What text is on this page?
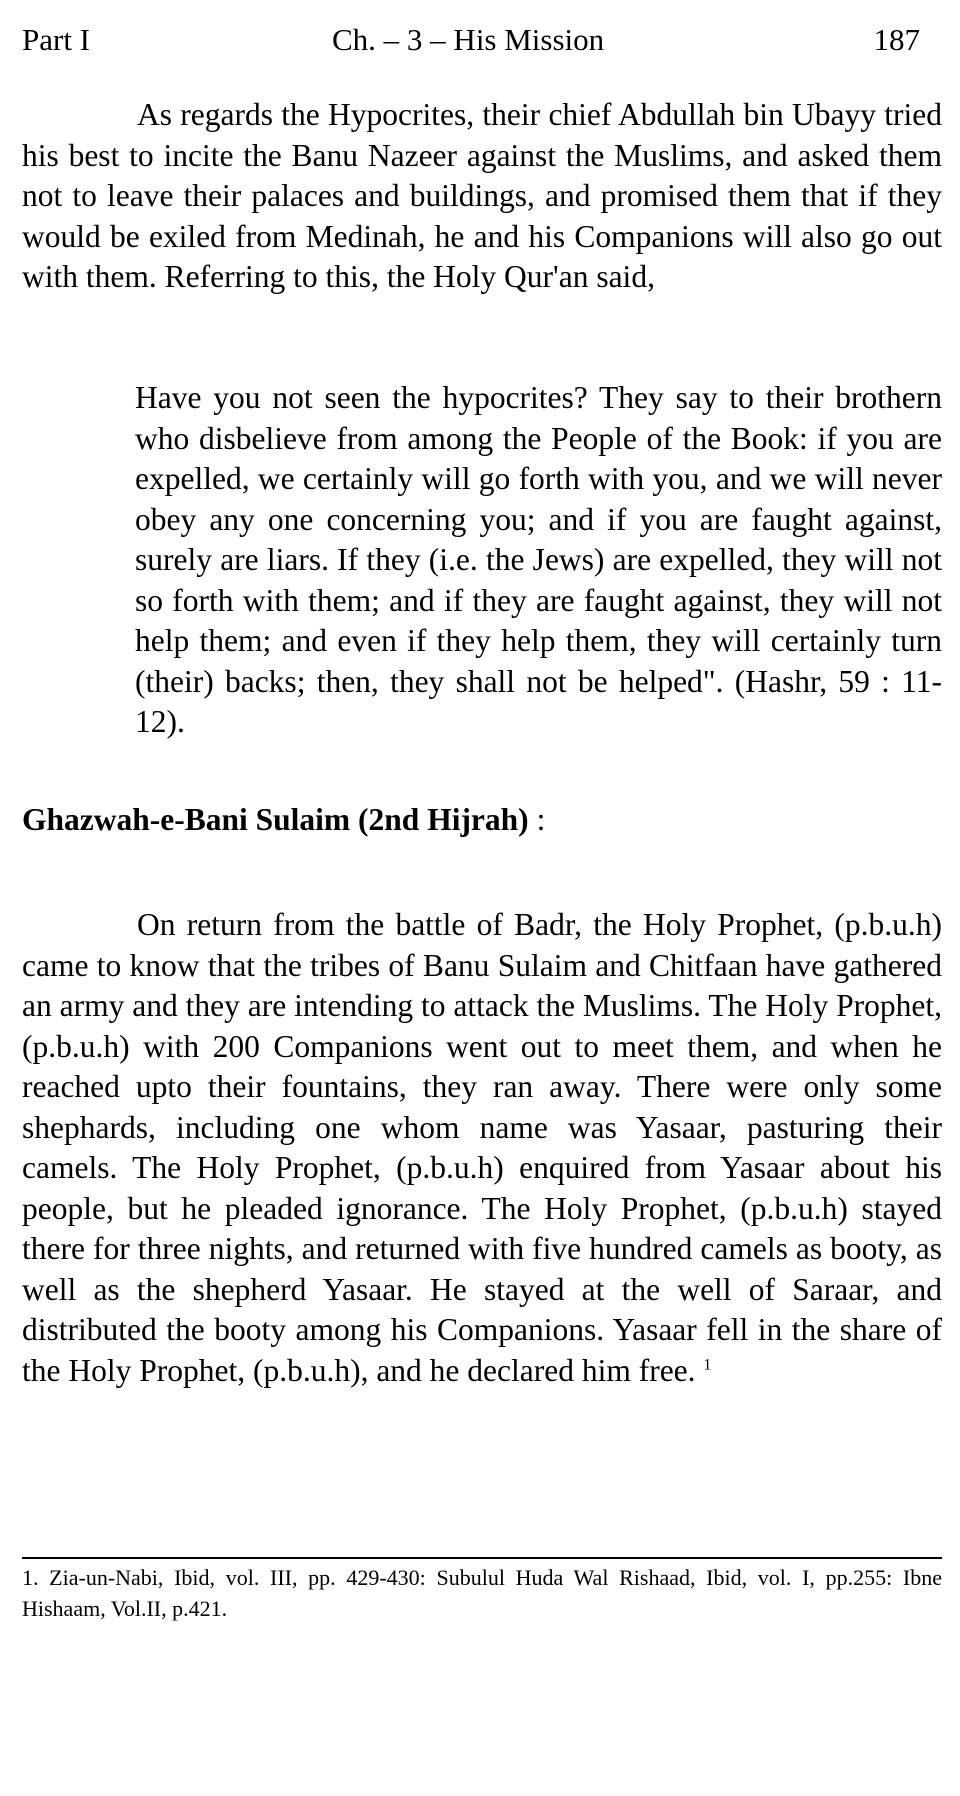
Part I	Ch. – 3 – His Mission	187

As regards the Hypocrites, their chief Abdullah bin Ubayy tried his best to incite the Banu Nazeer against the Muslims, and asked them not to leave their palaces and buildings, and promised them that if they would be exiled from Medinah, he and his Companions will also go out with them. Referring to this, the Holy Qur'an said,

Have you not seen the hypocrites? They say to their brothern who disbelieve from among the People of the Book: if you are expelled, we certainly will go forth with you, and we will never obey any one concerning you; and if you are faught against, surely are liars. If they (i.e. the Jews) are expelled, they will not so forth with them; and if they are faught against, they will not help them; and even if they help them, they will certainly turn (their) backs; then, they shall not be helped". (Hashr, 59 : 11-12).

Ghazwah-e-Bani Sulaim (2nd Hijrah) :

On return from the battle of Badr, the Holy Prophet, (p.b.u.h) came to know that the tribes of Banu Sulaim and Chitfaan have gathered an army and they are intending to attack the Muslims. The Holy Prophet, (p.b.u.h) with 200 Companions went out to meet them, and when he reached upto their fountains, they ran away. There were only some shephards, including one whom name was Yasaar, pasturing their camels. The Holy Prophet, (p.b.u.h) enquired from Yasaar about his people, but he pleaded ignorance. The Holy Prophet, (p.b.u.h) stayed there for three nights, and returned with five hundred camels as booty, as well as the shepherd Yasaar. He stayed at the well of Saraar, and distributed the booty among his Companions. Yasaar fell in the share of the Holy Prophet, (p.b.u.h), and he declared him free. $^1$

1. Zia-un-Nabi, Ibid, vol. III, pp. 429-430: Subulul Huda Wal Rishaad, Ibid, vol. I, pp.255: Ibne Hishaam, Vol.II, p.421.
